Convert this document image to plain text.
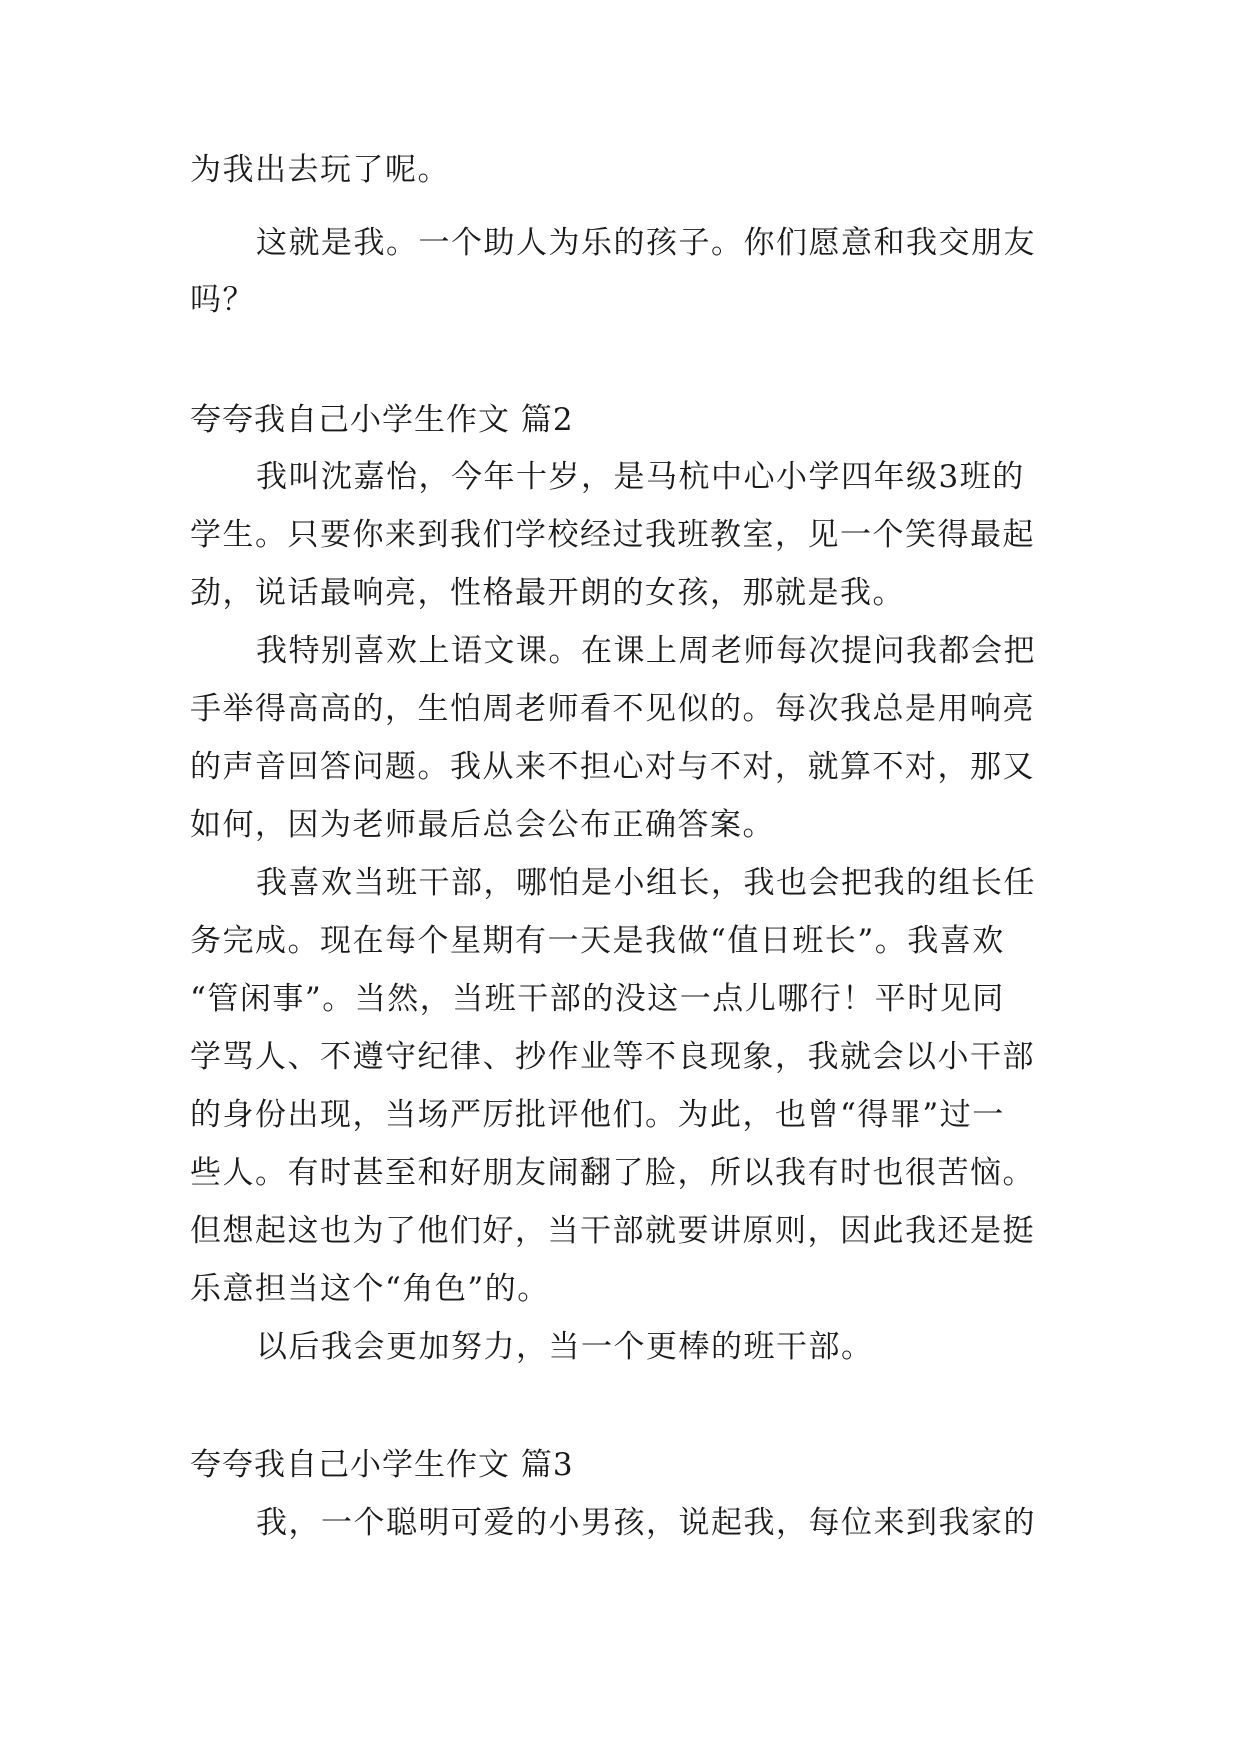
为我出去玩了呢。
这就是我。一个助人为乐的孩子。你们愿意和我交朋友
吗？
夸夸我自己小学生作文 篇2
我叫沈嘉怡，今年十岁，是马杭中心小学四年级3班的
学生。只要你来到我们学校经过我班教室，见一个笑得最起
劲，说话最响亮，性格最开朗的女孩，那就是我。
我特别喜欢上语文课。在课上周老师每次提问我都会把
手举得高高的，生怕周老师看不见似的。每次我总是用响亮
的声音回答问题。我从来不担心对与不对，就算不对，那又
如何，因为老师最后总会公布正确答案。
我喜欢当班干部，哪怕是小组长，我也会把我的组长任
务完成。现在每个星期有一天是我做“值日班长”。我喜欢
“管闲事”。当然，当班干部的没这一点儿哪行！平时见同
学骂人、不遵守纪律、抄作业等不良现象，我就会以小干部
的身份出现，当场严厉批评他们。为此，也曾“得罪”过一
些人。有时甚至和好朋友闹翻了脸，所以我有时也很苦恼。
但想起这也为了他们好，当干部就要讲原则，因此我还是挺
乐意担当这个“角色”的。
以后我会更加努力，当一个更棒的班干部。
夸夸我自己小学生作文 篇3
我，一个聪明可爱的小男孩，说起我，每位来到我家的
